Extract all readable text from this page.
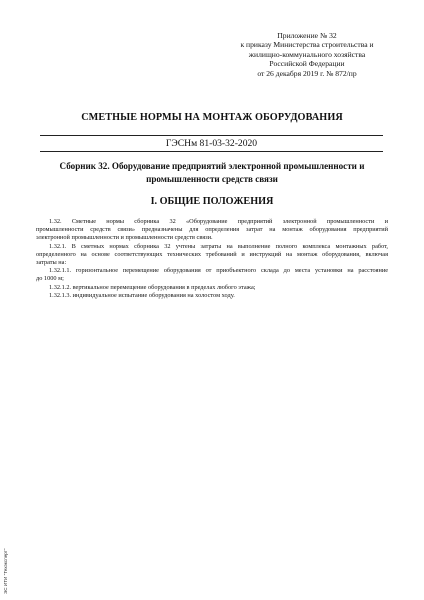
Приложение № 32
к приказу Министерства строительства и
жилищно-коммунального хозяйства
Российской Федерации
от 26 декабря 2019 г. № 872/пр
СМЕТНЫЕ НОРМЫ НА МОНТАЖ ОБОРУДОВАНИЯ
ГЭСНм 81-03-32-2020
Сборник 32. Оборудование предприятий электронной промышленности и
промышленности средств связи
I. ОБЩИЕ ПОЛОЖЕНИЯ
1.32. Сметные нормы сборника 32 «Оборудование предприятий электронной промышленности и
промышленности средств связи» предназначены для определения затрат на монтаж оборудования предприятий
электронной промышленности и промышленности средств связи.
1.32.1. В сметных нормах сборника 32 учтены затраты на выполнение полного комплекса монтажных работ,
определенного на основе соответствующих технических требований и инструкций на монтаж оборудования, включая
затраты на:
1.32.1.1. горизонтальное перемещение оборудования от приобъектного склада до места установки на расстояние
до 1000 м;
1.32.1.2. вертикальное перемещение оборудования в пределах любого этажа;
1.32.1.3. индивидуальное испытание оборудования на холостом ходу.
ЭС ИТИ "Техэксперт"
